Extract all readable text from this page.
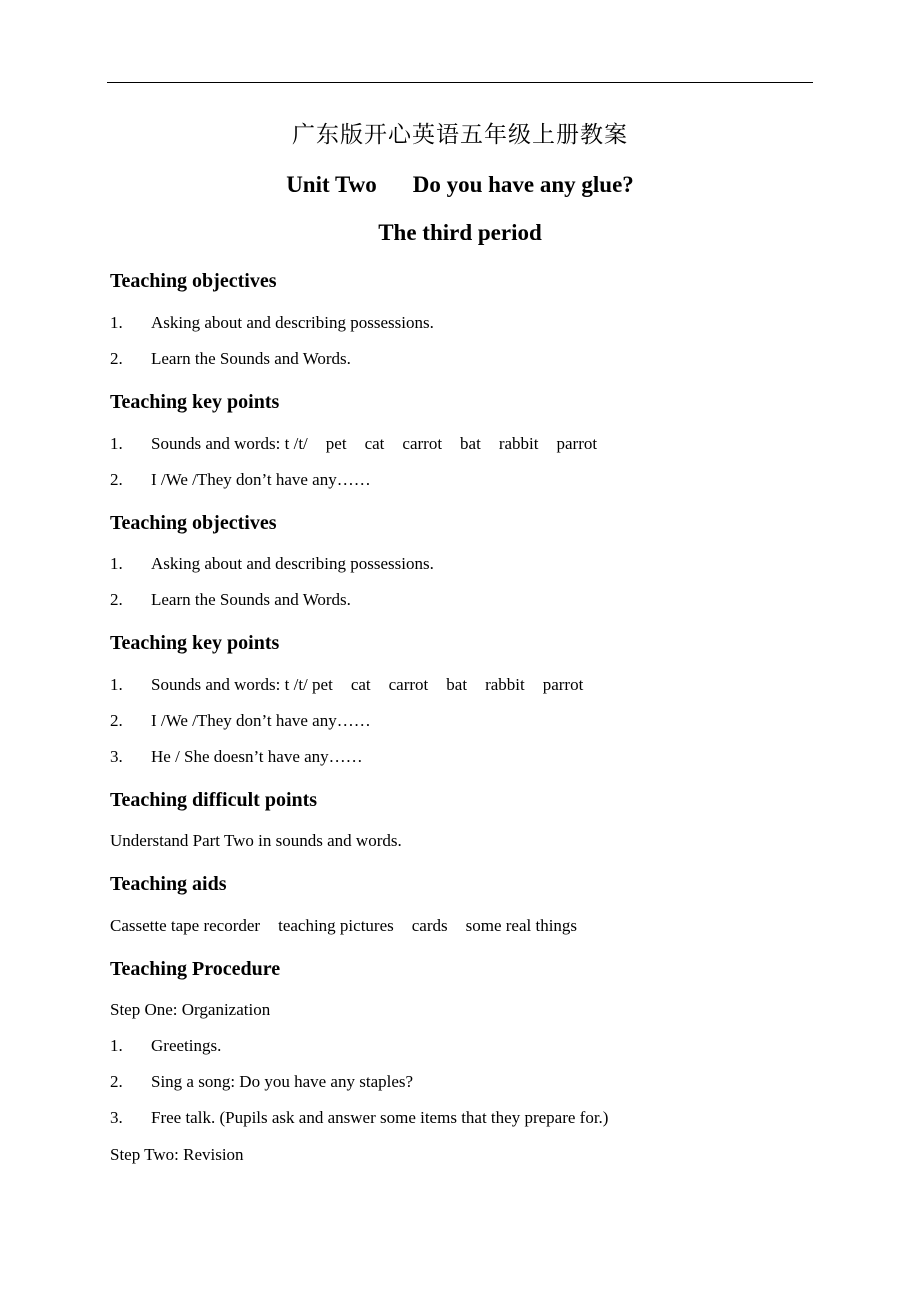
广东版开心英语五年级上册教案
Unit Two Do you have any glue?
The third period
Teaching objectives
1. Asking about and describing possessions.
2. Learn the Sounds and Words.
Teaching key points
1. Sounds and words: t /t/ pet cat carrot bat rabbit parrot
2. I /We /They don’t have any……
Teaching objectives
1. Asking about and describing possessions.
2. Learn the Sounds and Words.
Teaching key points
1. Sounds and words: t /t/ pet cat carrot bat rabbit parrot
2. I /We /They don’t have any……
3. He / She doesn’t have any……
Teaching difficult points
Understand Part Two in sounds and words.
Teaching aids
Cassette tape recorder teaching pictures cards some real things
Teaching Procedure
Step One: Organization
1. Greetings.
2. Sing a song: Do you have any staples?
3. Free talk. (Pupils ask and answer some items that they prepare for.)
Step Two: Revision
